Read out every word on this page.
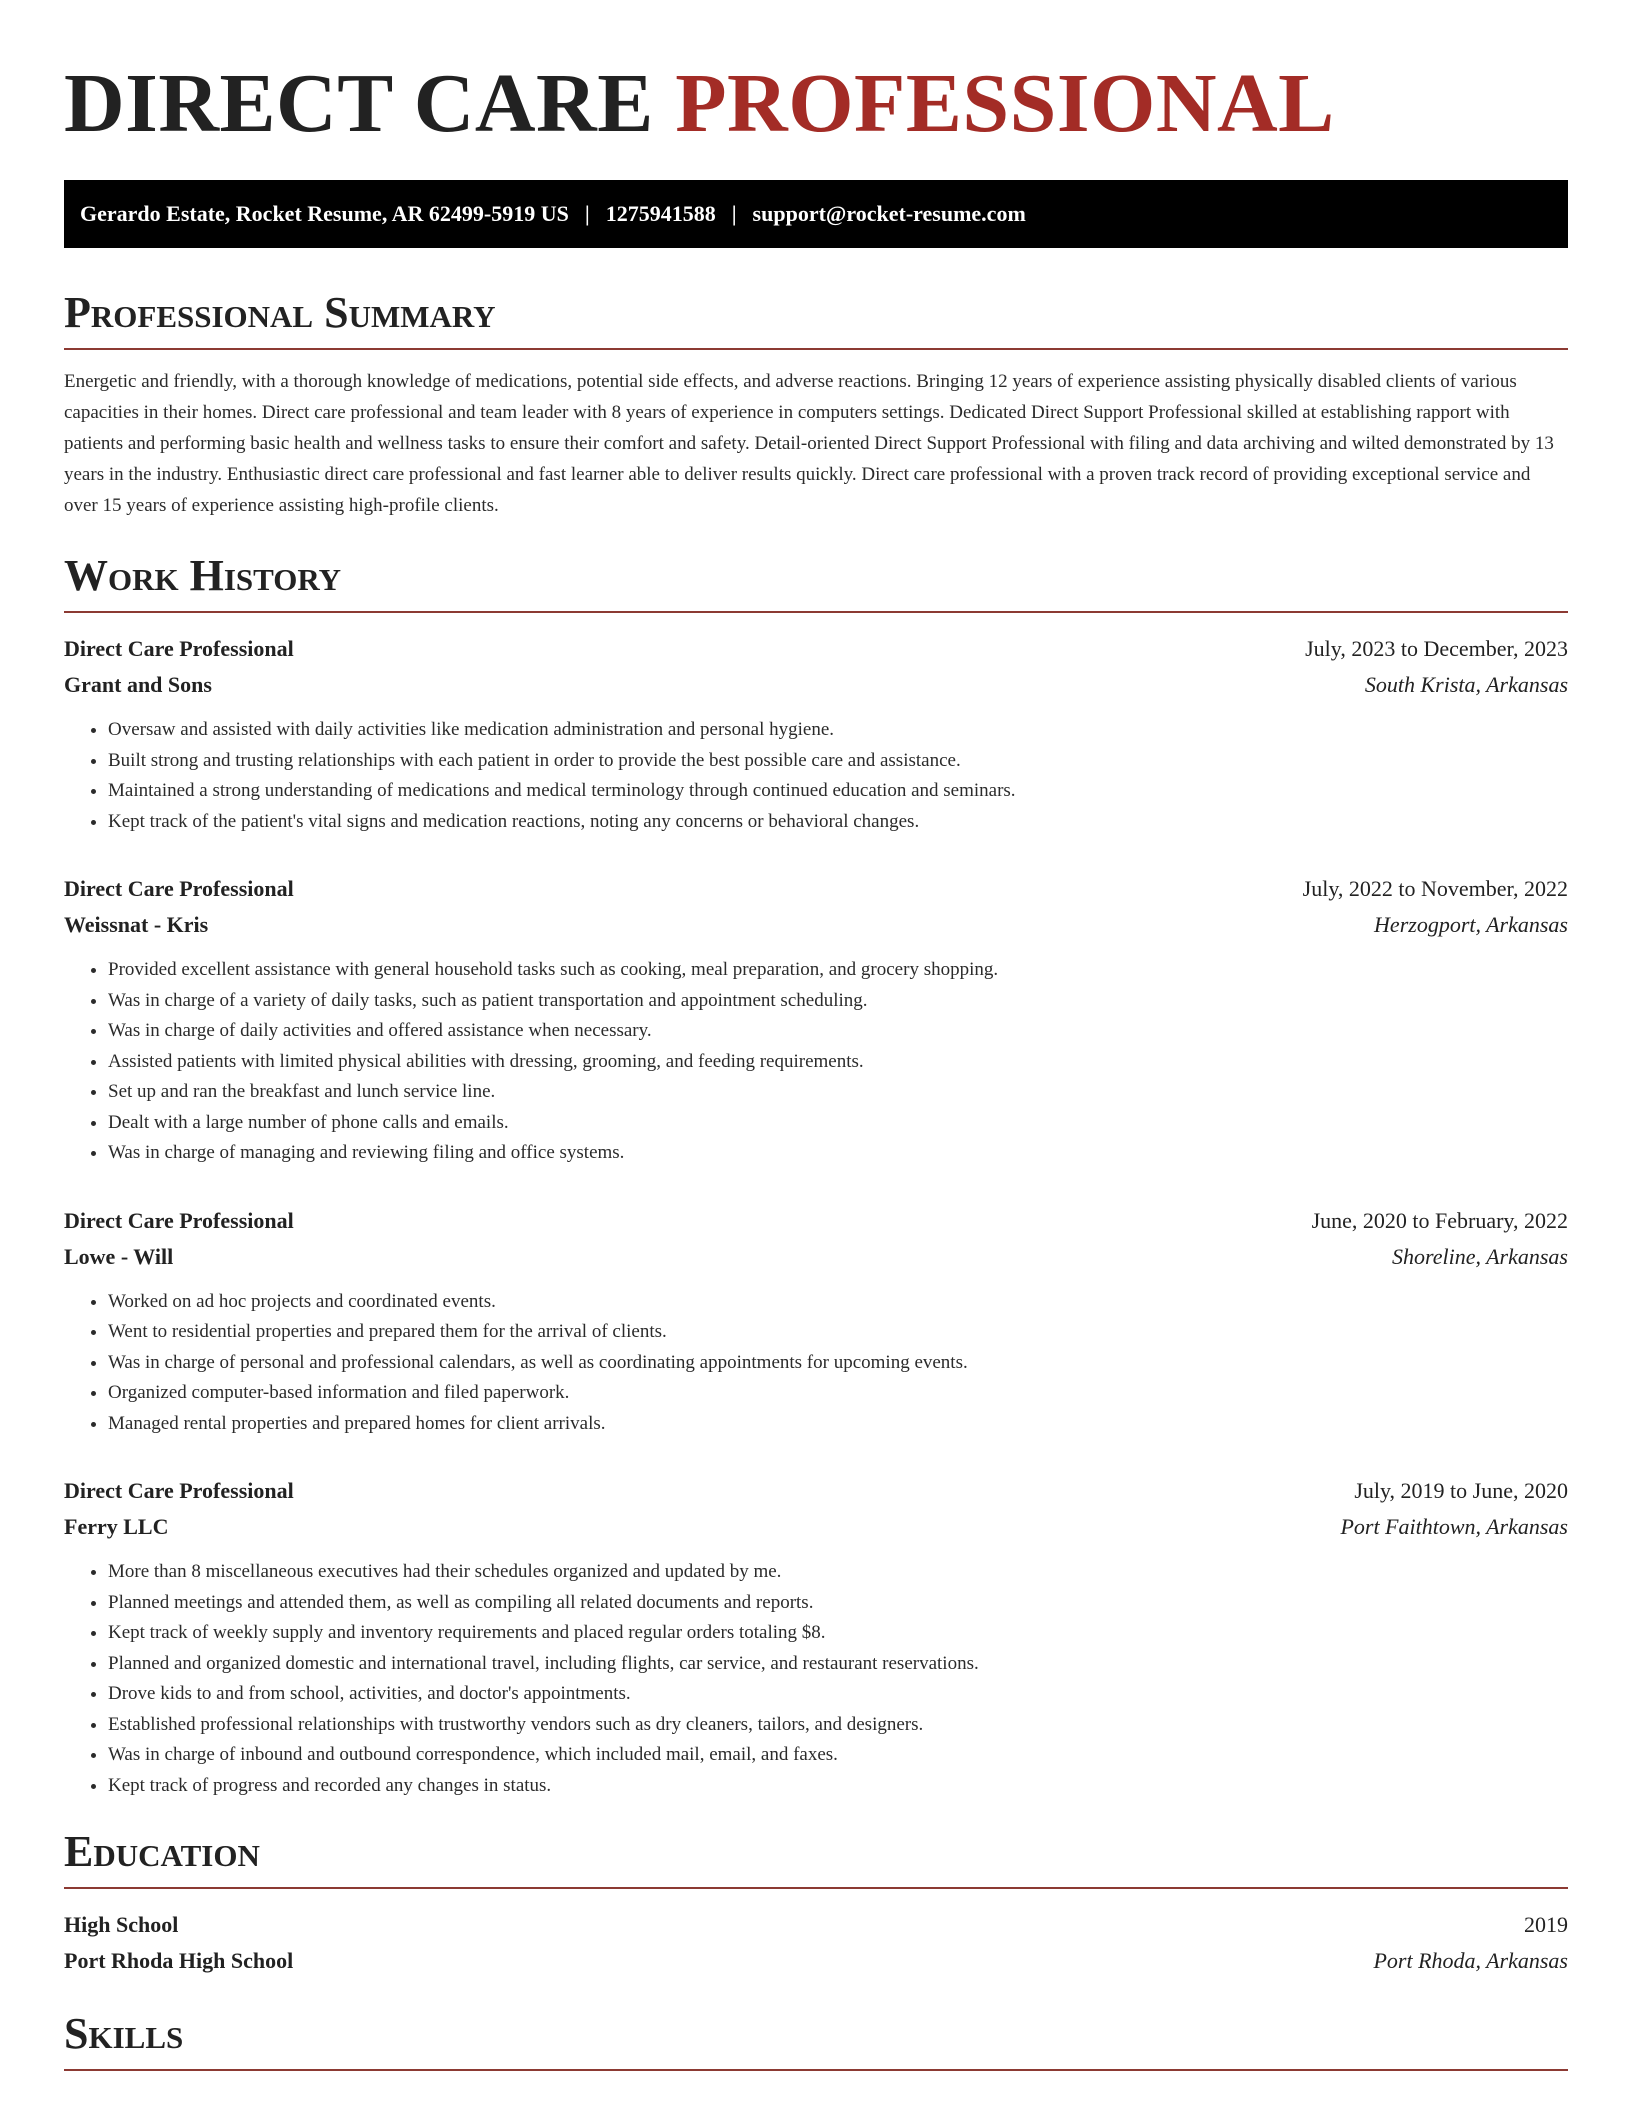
DIRECT CARE PROFESSIONAL
Gerardo Estate, Rocket Resume, AR 62499-5919 US | 1275941588 | support@rocket-resume.com
Professional Summary

Energetic and friendly, with a thorough knowledge of medications, potential side effects, and adverse reactions. Bringing 12 years of experience assisting physically disabled clients of various capacities in their homes. Direct care professional and team leader with 8 years of experience in computers settings. Dedicated Direct Support Professional skilled at establishing rapport with patients and performing basic health and wellness tasks to ensure their comfort and safety. Detail-oriented Direct Support Professional with filing and data archiving and wilted demonstrated by 13 years in the industry. Enthusiastic direct care professional and fast learner able to deliver results quickly. Direct care professional with a proven track record of providing exceptional service and over 15 years of experience assisting high-profile clients.

Work History
Direct Care Professional	July, 2023 to December, 2023
Grant and Sons	South Krista, Arkansas
• Oversaw and assisted with daily activities like medication administration and personal hygiene.
• Built strong and trusting relationships with each patient in order to provide the best possible care and assistance.
• Maintained a strong understanding of medications and medical terminology through continued education and seminars.
• Kept track of the patient's vital signs and medication reactions, noting any concerns or behavioral changes.
Direct Care Professional	July, 2022 to November, 2022
Weissnat - Kris	Herzogport, Arkansas
• Provided excellent assistance with general household tasks such as cooking, meal preparation, and grocery shopping.
• Was in charge of a variety of daily tasks, such as patient transportation and appointment scheduling.
• Was in charge of daily activities and offered assistance when necessary.
• Assisted patients with limited physical abilities with dressing, grooming, and feeding requirements.
• Set up and ran the breakfast and lunch service line.
• Dealt with a large number of phone calls and emails.
• Was in charge of managing and reviewing filing and office systems.
Direct Care Professional	June, 2020 to February, 2022
Lowe - Will	Shoreline, Arkansas
• Worked on ad hoc projects and coordinated events.
• Went to residential properties and prepared them for the arrival of clients.
• Was in charge of personal and professional calendars, as well as coordinating appointments for upcoming events.
• Organized computer-based information and filed paperwork.
• Managed rental properties and prepared homes for client arrivals.
Direct Care Professional	July, 2019 to June, 2020
Ferry LLC	Port Faithtown, Arkansas
• More than 8 miscellaneous executives had their schedules organized and updated by me.
• Planned meetings and attended them, as well as compiling all related documents and reports.
• Kept track of weekly supply and inventory requirements and placed regular orders totaling $8.
• Planned and organized domestic and international travel, including flights, car service, and restaurant reservations.
• Drove kids to and from school, activities, and doctor's appointments.
• Established professional relationships with trustworthy vendors such as dry cleaners, tailors, and designers.
• Was in charge of inbound and outbound correspondence, which included mail, email, and faxes.
• Kept track of progress and recorded any changes in status.
Education
High School	2019
Port Rhoda High School	Port Rhoda, Arkansas
Skills
